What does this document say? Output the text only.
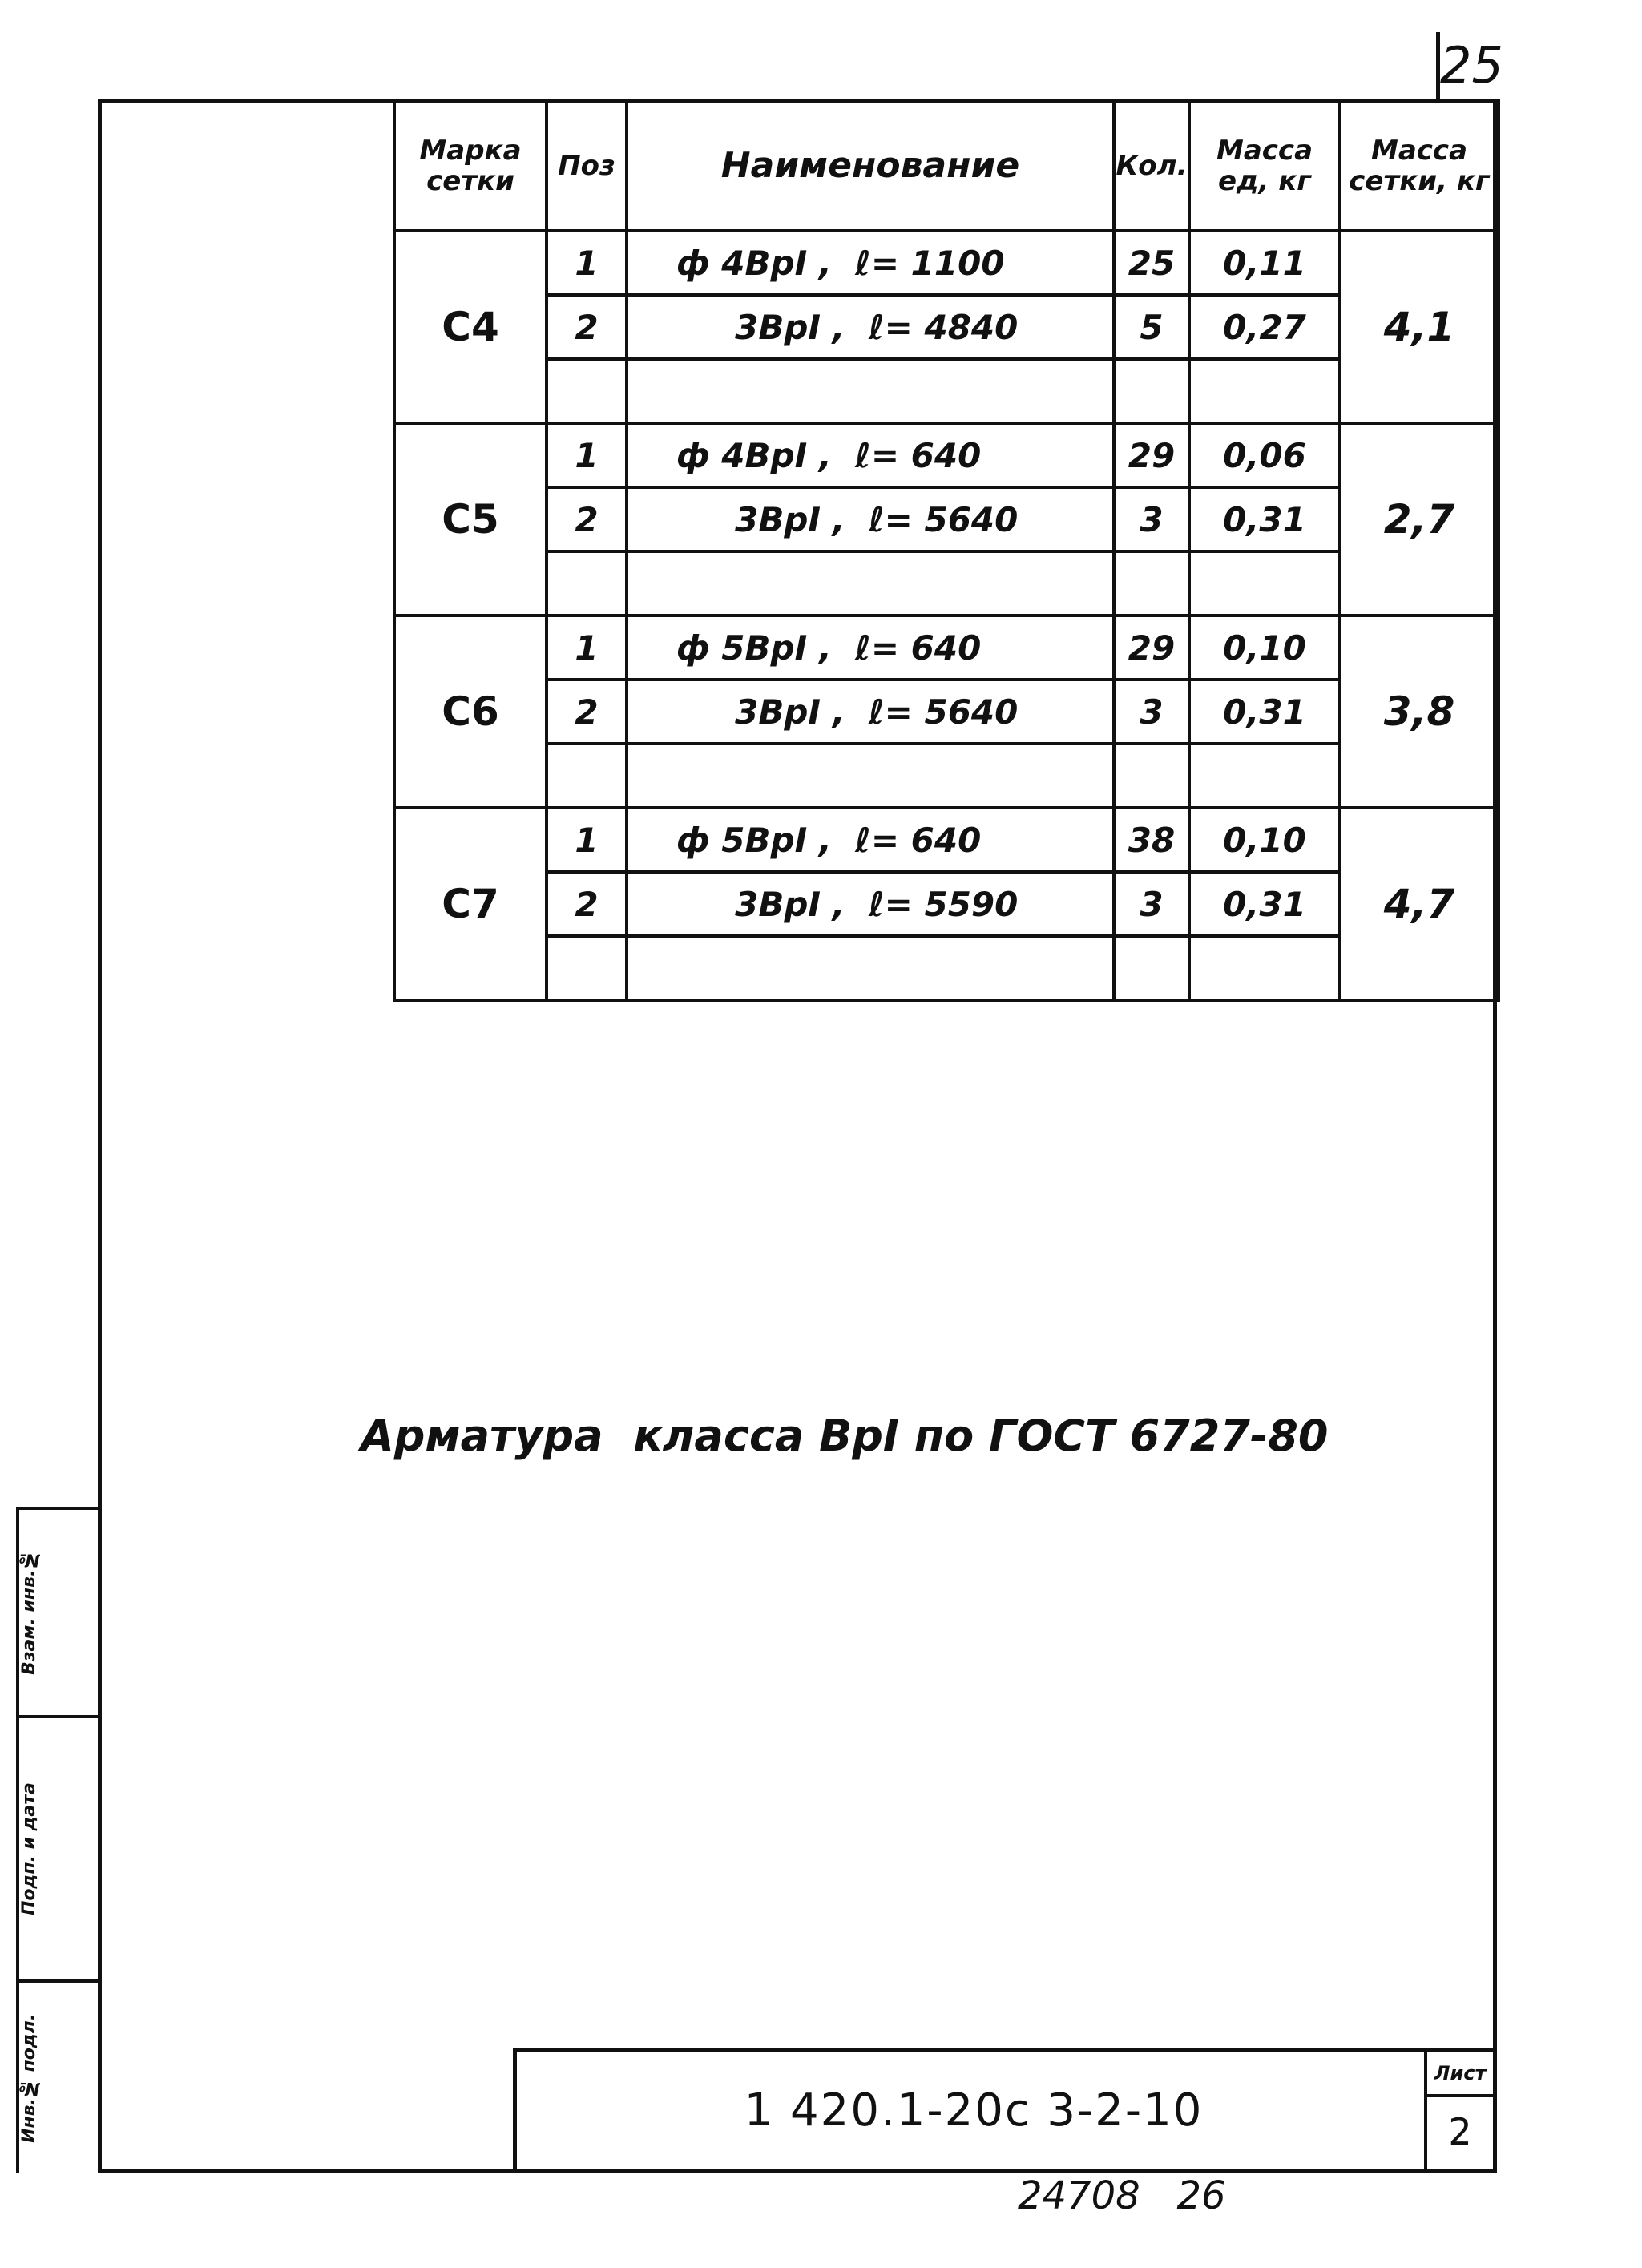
25
Марка сетки	Поз	Наименование	Кол.	Масса ед, кг	Масса сетки, кг
С4	1	ф 4ВрI ,  ℓ= 1100	25	0,11	4,1
	2	3ВрI ,  ℓ= 4840	5	0,27	

С5	1	ф 4ВрI ,  ℓ= 640	29	0,06	2,7
	2	3ВрI ,  ℓ= 5640	3	0,31	

С6	1	ф 5ВрI ,  ℓ= 640	29	0,10	3,8
	2	3ВрI ,  ℓ= 5640	3	0,31	

С7	1	ф 5ВрI ,  ℓ= 640	38	0,10	4,7
	2	3ВрI ,  ℓ= 5590	3	0,31	

Арматура  класса ВрI по ГОСТ 6727-80
Взам. инв.№
Подп. и дата
Инв.№ подл.	1 420.1-20с 3-2-10
Лист
2
24708   26
